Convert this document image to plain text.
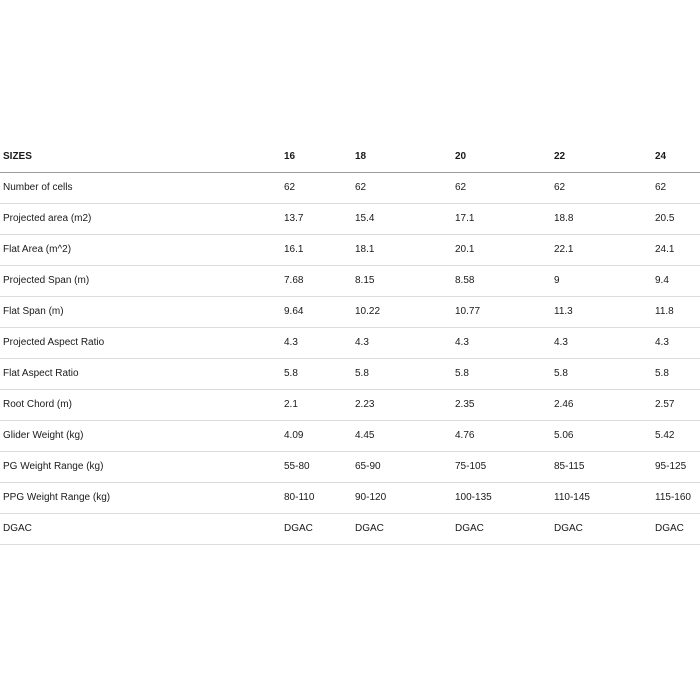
SIZES	16	18	20	22	24
Number of cells	62	62	62	62	62
Projected area (m2)	13.7	15.4	17.1	18.8	20.5
Flat Area (m^2)	16.1	18.1	20.1	22.1	24.1
Projected Span (m)	7.68	8.15	8.58	9	9.4
Flat Span (m)	9.64	10.22	10.77	11.3	11.8
Projected Aspect Ratio	4.3	4.3	4.3	4.3	4.3
Flat Aspect Ratio	5.8	5.8	5.8	5.8	5.8
Root Chord (m)	2.1	2.23	2.35	2.46	2.57
Glider Weight (kg)	4.09	4.45	4.76	5.06	5.42
PG Weight Range (kg)	55-80	65-90	75-105	85-115	95-125
PPG Weight Range (kg)	80-110	90-120	100-135	110-145	115-160
DGAC	DGAC	DGAC	DGAC	DGAC	DGAC
